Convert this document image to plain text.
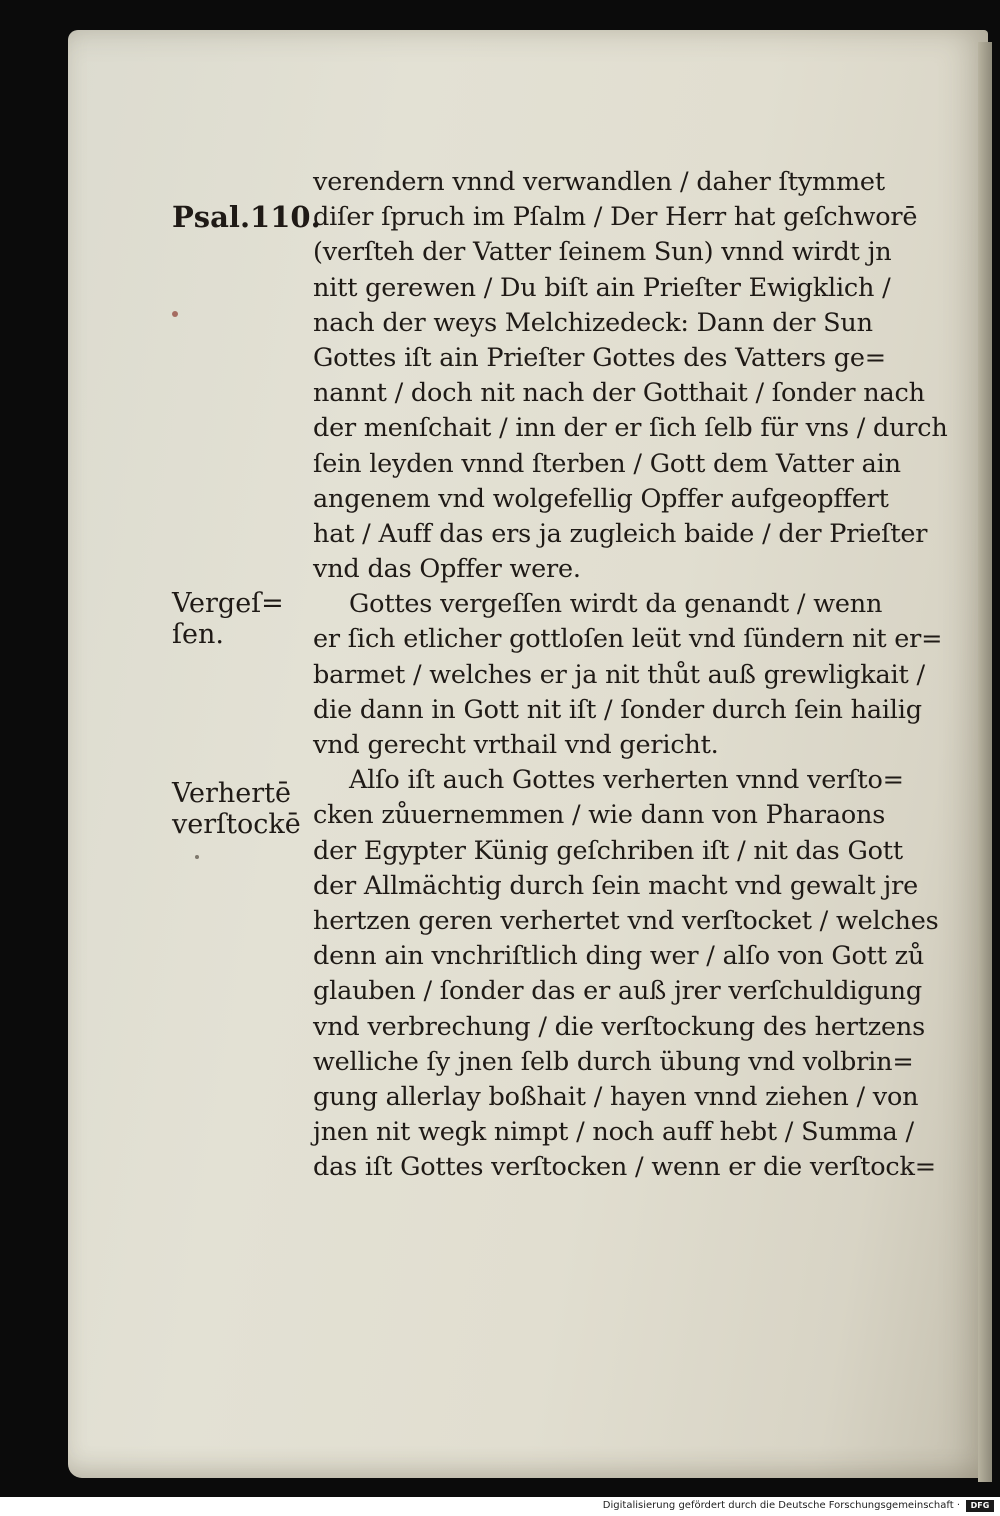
Psal.110.
Vergeſ=
ſen.
Verhertē
verſtockē
verendern vnnd verwandlen / daher ſtymmet
diſer ſpruch im Pſalm / Der Herr hat geſchworē
(verſteh der Vatter ſeinem Sun) vnnd wirdt jn
nitt gerewen / Du biſt ain Prieſter Ewigklich /
nach der weys Melchizedeck: Dann der Sun
Gottes iſt ain Prieſter Gottes des Vatters ge=
nannt / doch nit nach der Gotthait / ſonder nach
der menſchait / inn der er ſich ſelb für vns / durch
ſein leyden vnnd ſterben / Gott dem Vatter ain
angenem vnd wolgefellig Opffer aufgeopffert
hat / Auff das ers ja zugleich baide / der Prieſter
vnd das Opffer were.
Gottes vergeſſen wirdt da genandt / wenn
er ſich etlicher gottloſen leüt vnd ſündern nit er=
barmet / welches er ja nit thůt auß grewligkait /
die dann in Gott nit iſt / ſonder durch ſein hailig
vnd gerecht vrthail vnd gericht.
Alſo iſt auch Gottes verherten vnnd verſto=
cken zůuernemmen / wie dann von Pharaons
der Egypter Künig geſchriben iſt / nit das Gott
der Allmächtig durch ſein macht vnd gewalt jre
hertzen geren verhertet vnd verſtocket / welches
denn ain vnchriſtlich ding wer / alſo von Gott zů
glauben / ſonder das er auß jrer verſchuldigung
vnd verbrechung / die verſtockung des hertzens
welliche ſy jnen ſelb durch übung vnd volbrin=
gung allerlay boßhait / hayen vnnd ziehen / von
jnen nit wegk nimpt / noch auff hebt / Summa /
das iſt Gottes verſtocken / wenn er die verſtock=
Digitalisierung gefördert durch die Deutsche Forschungsgemeinschaft ·	DFG
